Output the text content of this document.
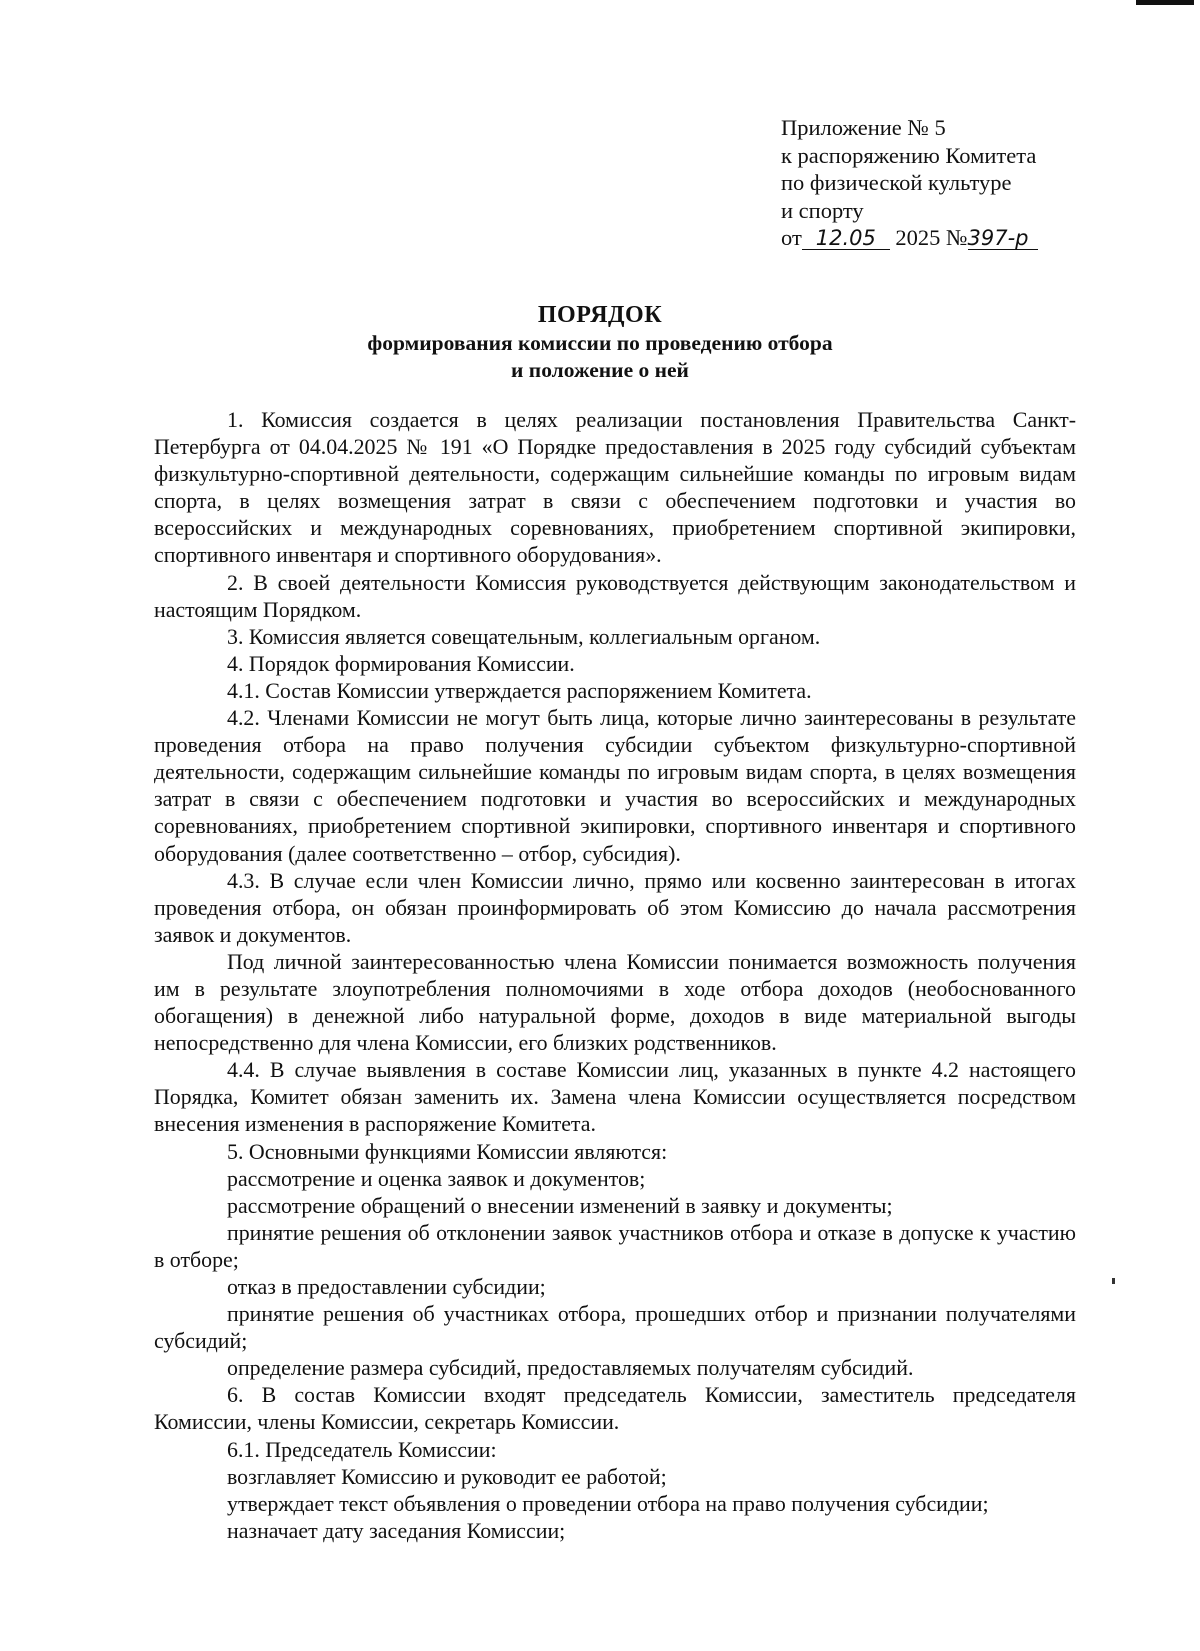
Приложение № 5
к распоряжению Комитета
по физической культуре
и спорту
от 12.05 2025 №397-р
ПОРЯДОК
формирования комиссии по проведению отбора
и положение о ней

1. Комиссия создается в целях реализации постановления Правительства Санкт-Петербурга от 04.04.2025 № 191 «О Порядке предоставления в 2025 году субсидий субъектам физкультурно-спортивной деятельности, содержащим сильнейшие команды по игровым видам спорта, в целях возмещения затрат в связи с обеспечением подготовки и участия во всероссийских и международных соревнованиях, приобретением спортивной экипировки, спортивного инвентаря и спортивного оборудования».

2. В своей деятельности Комиссия руководствуется действующим законодательством и настоящим Порядком.

3. Комиссия является совещательным, коллегиальным органом.

4. Порядок формирования Комиссии.

4.1. Состав Комиссии утверждается распоряжением Комитета.

4.2. Членами Комиссии не могут быть лица, которые лично заинтересованы в результате проведения отбора на право получения субсидии субъектом физкультурно-спортивной деятельности, содержащим сильнейшие команды по игровым видам спорта, в целях возмещения затрат в связи с обеспечением подготовки и участия во всероссийских и международных соревнованиях, приобретением спортивной экипировки, спортивного инвентаря и спортивного оборудования (далее соответственно – отбор, субсидия).

4.3. В случае если член Комиссии лично, прямо или косвенно заинтересован в итогах проведения отбора, он обязан проинформировать об этом Комиссию до начала рассмотрения заявок и документов.

Под личной заинтересованностью члена Комиссии понимается возможность получения им в результате злоупотребления полномочиями в ходе отбора доходов (необоснованного обогащения) в денежной либо натуральной форме, доходов в виде материальной выгоды непосредственно для члена Комиссии, его близких родственников.

4.4. В случае выявления в составе Комиссии лиц, указанных в пункте 4.2 настоящего Порядка, Комитет обязан заменить их. Замена члена Комиссии осуществляется посредством внесения изменения в распоряжение Комитета.

5. Основными функциями Комиссии являются:

рассмотрение и оценка заявок и документов;

рассмотрение обращений о внесении изменений в заявку и документы;

принятие решения об отклонении заявок участников отбора и отказе в допуске к участию в отборе;

отказ в предоставлении субсидии;

принятие решения об участниках отбора, прошедших отбор и признании получателями субсидий;

определение размера субсидий, предоставляемых получателям субсидий.

6. В состав Комиссии входят председатель Комиссии, заместитель председателя Комиссии, члены Комиссии, секретарь Комиссии.

6.1. Председатель Комиссии:

возглавляет Комиссию и руководит ее работой;

утверждает текст объявления о проведении отбора на право получения субсидии;

назначает дату заседания Комиссии;
